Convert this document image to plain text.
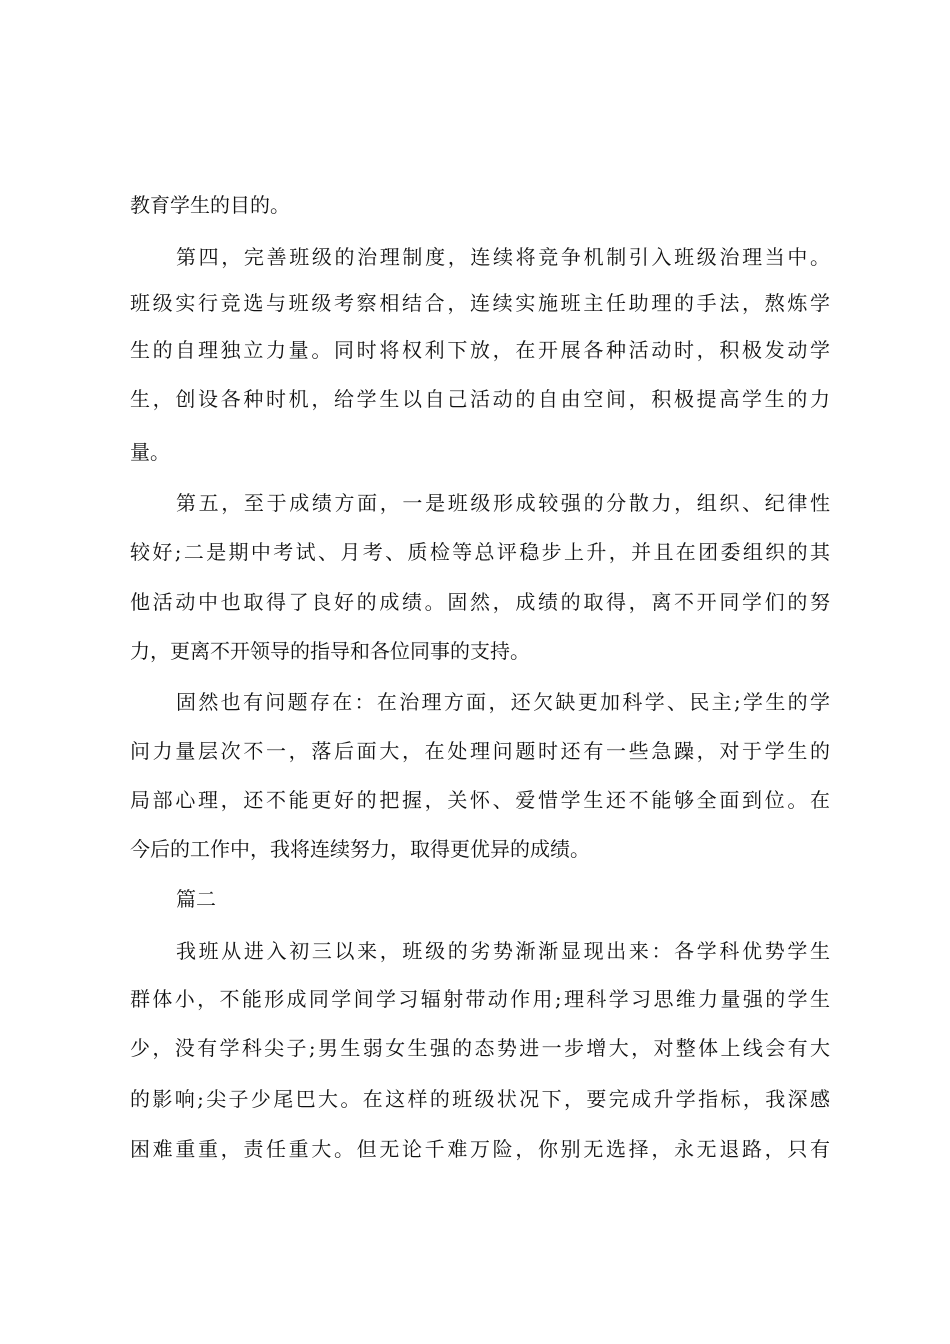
教育学生的目的。
第四，完善班级的治理制度，连续将竞争机制引入班级治理当中。
班级实行竞选与班级考察相结合，连续实施班主任助理的手法，熬炼学
生的自理独立力量。同时将权利下放，在开展各种活动时，积极发动学
生，创设各种时机，给学生以自己活动的自由空间，积极提高学生的力
量。
第五，至于成绩方面，一是班级形成较强的分散力，组织、纪律性
较好;二是期中考试、月考、质检等总评稳步上升，并且在团委组织的其
他活动中也取得了良好的成绩。固然，成绩的取得，离不开同学们的努
力，更离不开领导的指导和各位同事的支持。
固然也有问题存在：在治理方面，还欠缺更加科学、民主;学生的学
问力量层次不一，落后面大，在处理问题时还有一些急躁，对于学生的
局部心理，还不能更好的把握，关怀、爱惜学生还不能够全面到位。在
今后的工作中，我将连续努力，取得更优异的成绩。
篇二
我班从进入初三以来，班级的劣势渐渐显现出来：各学科优势学生
群体小，不能形成同学间学习辐射带动作用;理科学习思维力量强的学生
少，没有学科尖子;男生弱女生强的态势进一步增大，对整体上线会有大
的影响;尖子少尾巴大。在这样的班级状况下，要完成升学指标，我深感
困难重重，责任重大。但无论千难万险，你别无选择，永无退路，只有
